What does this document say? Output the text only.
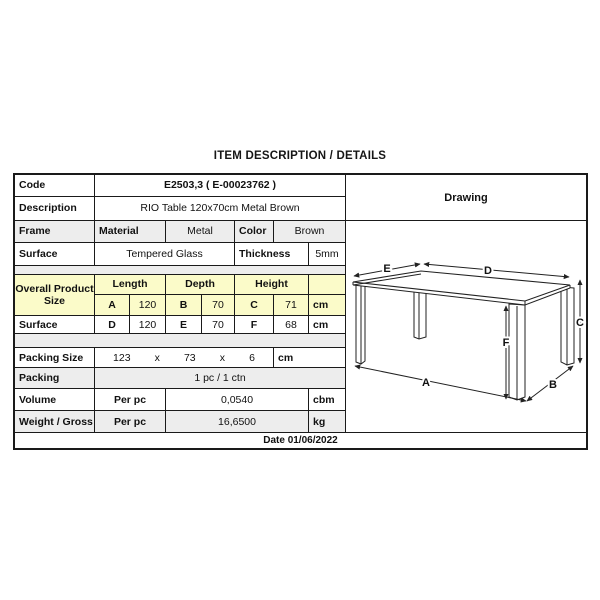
ITEM DESCRIPTION / DETAILS
Code	E2503,3 ( E-00023762 )
Description	RIO Table 120x70cm Metal Brown
Frame	Material	Metal	Color	Brown
Surface	Tempered Glass	Thickness	5mm
Overall Product
Size
Length	Depth	Height
A	120	B	70	C	71	cm
Surface	D	120	E	70	F	68	cm
Packing Size	123 x 73 x 6	cm
Packing	1 pc / 1 ctn
Volume	Per pc	0,0540	cbm
Weight / Gross	Per pc	16,6500	kg
Drawing
E	D
C
F
A	B
Date 01/06/2022
